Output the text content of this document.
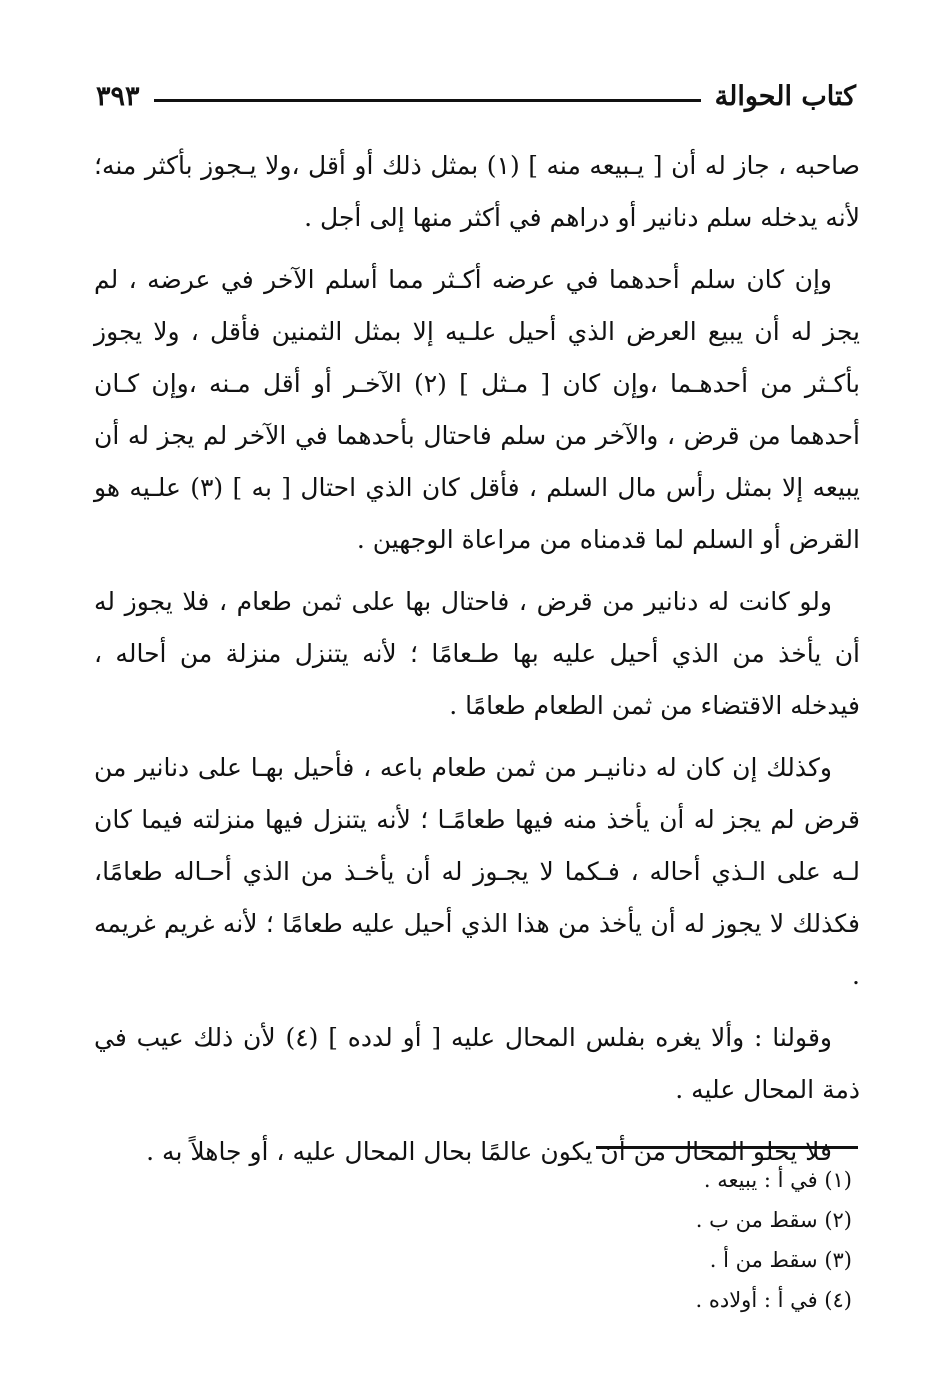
كتاب الحوالة
٣٩٣

صاحبه ، جاز له أن [ يـبيعه منه ] (١) بمثل ذلك أو أقل ،ولا يـجوز بأكثر منه؛ لأنه يدخله سلم دنانير أو دراهم في أكثر منها إلى أجل .

وإن كان سلم أحدهما في عرضه أكـثر مما أسلم الآخر في عرضه ، لم يجز له أن يبيع العرض الذي أحيل علـيه إلا بمثل الثمنين فأقل ، ولا يجوز بأكـثر من أحدهـما ،وإن كان [ مـثل ] (٢) الآخـر أو أقل مـنه ،وإن كـان أحدهما من قرض ، والآخر من سلم فاحتال بأحدهما في الآخر لم يجز له أن يبيعه إلا بمثل رأس مال السلم ، فأقل كان الذي احتال [ به ] (٣) علـيه هو القرض أو السلم لما قدمناه من مراعاة الوجهين .

ولو كانت له دنانير من قرض ، فاحتال بها على ثمن طعام ، فلا يجوز له أن يأخذ من الذي أحيل عليه بها طـعامًا ؛ لأنه يتنزل منزلة من أحاله ، فيدخله الاقتضاء من ثمن الطعام طعامًا .

وكذلك إن كان له دنانيـر من ثمن طعام باعه ، فأحيل بهـا على دنانير من قرض لم يجز له أن يأخذ منه فيها طعامًـا ؛ لأنه يتنزل فيها منزلته فيما كان لـه على الـذي أحاله ، فـكما لا يجـوز له أن يأخـذ من الذي أحـاله طعامًا، فكذلك لا يجوز له أن يأخذ من هذا الذي أحيل عليه طعامًا ؛ لأنه غريم غريمه .

وقولنا : وألا يغره بفلس المحال عليه [ أو لدده ] (٤) لأن ذلك عيب في ذمة المحال عليه .

فلا يخلو المحال من أن يكون عالمًا بحال المحال عليه ، أو جاهلاً به .

(١) في أ : يبيعه .

(٢) سقط من ب .

(٣) سقط من أ .

(٤) في أ : أولاده .
